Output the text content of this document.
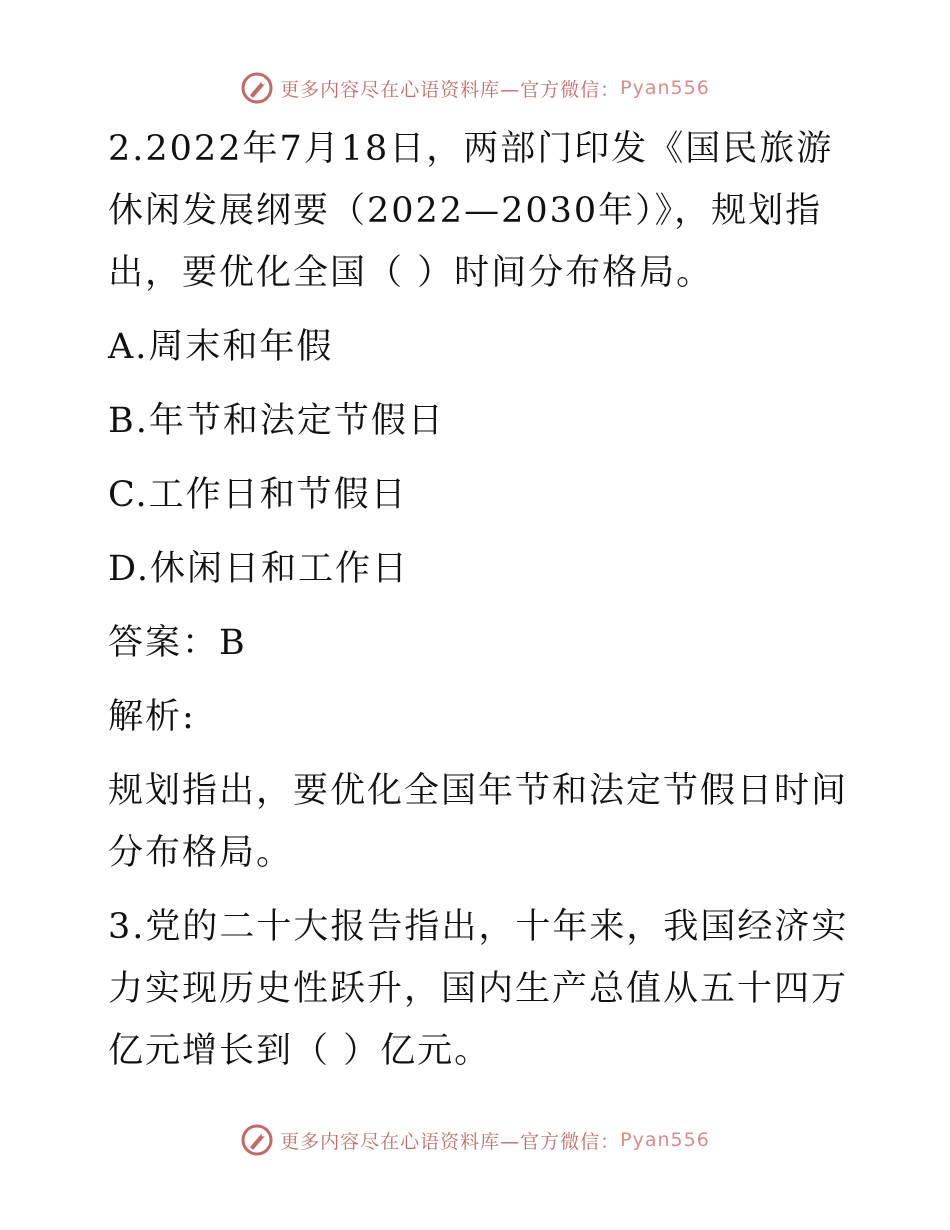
更多内容尽在心语资料库—官方微信： Pyan556

2.2022年7月18日，两部门印发《国民旅游休闲发展纲要（2022—2030年）》，规划指出，要优化全国（ ）时间分布格局。

A.周末和年假

B.年节和法定节假日

C.工作日和节假日

D.休闲日和工作日

答案：B

解析:

规划指出，要优化全国年节和法定节假日时间分布格局。

3.党的二十大报告指出，十年来，我国经济实力实现历史性跃升，国内生产总值从五十四万亿元增长到（ ）亿元。

更多内容尽在心语资料库—官方微信： Pyan556
